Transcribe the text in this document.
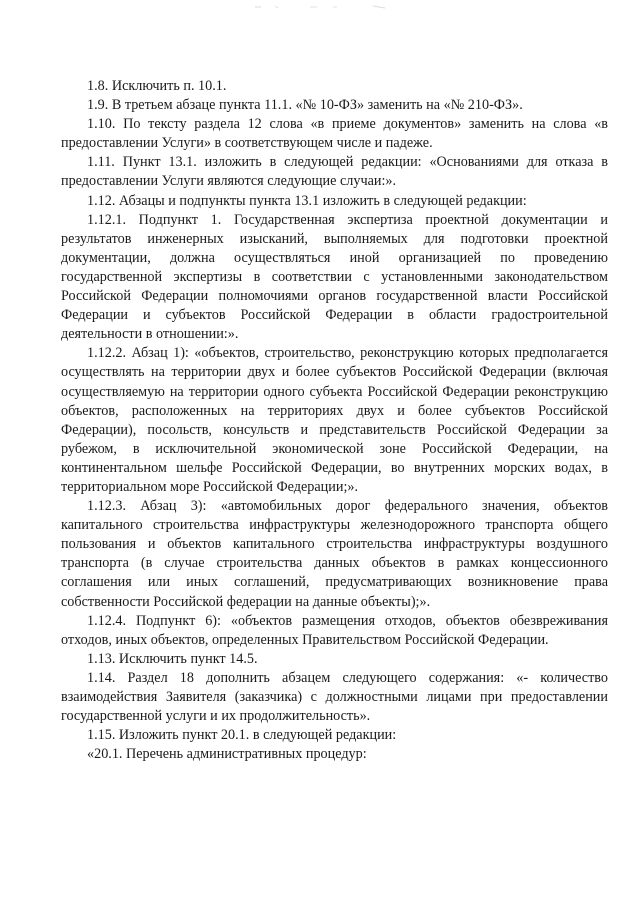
1.8. Исключить п. 10.1.

1.9. В третьем абзаце пункта 11.1. «№ 10-ФЗ» заменить на «№ 210-ФЗ».

1.10. По тексту раздела 12 слова «в приеме документов» заменить на слова «в предоставлении Услуги» в соответствующем числе и падеже.

1.11. Пункт 13.1. изложить в следующей редакции: «Основаниями для отказа в предоставлении Услуги являются следующие случаи:».

1.12. Абзацы и подпункты пункта 13.1 изложить в следующей редакции:

1.12.1. Подпункт 1. Государственная экспертиза проектной документации и результатов инженерных изысканий, выполняемых для подготовки проектной документации, должна осуществляться иной организацией по проведению государственной экспертизы в соответствии с установленными законодательством Российской Федерации полномочиями органов государственной власти Российской Федерации и субъектов Российской Федерации в области градостроительной деятельности в отношении:».

1.12.2. Абзац 1): «объектов, строительство, реконструкцию которых предполагается осуществлять на территории двух и более субъектов Российской Федерации (включая осуществляемую на территории одного субъекта Российской Федерации реконструкцию объектов, расположенных на территориях двух и более субъектов Российской Федерации), посольств, консульств и представительств Российской Федерации за рубежом, в исключительной экономической зоне Российской Федерации, на континентальном шельфе Российской Федерации, во внутренних морских водах, в территориальном море Российской Федерации;».

1.12.3. Абзац 3): «автомобильных дорог федерального значения, объектов капитального строительства инфраструктуры железнодорожного транспорта общего пользования и объектов капитального строительства инфраструктуры воздушного транспорта (в случае строительства данных объектов в рамках концессионного соглашения или иных соглашений, предусматривающих возникновение права собственности Российской федерации на данные объекты);».

1.12.4. Подпункт 6): «объектов размещения отходов, объектов обезвреживания отходов, иных объектов, определенных Правительством Российской Федерации.

1.13. Исключить пункт 14.5.

1.14. Раздел 18 дополнить абзацем следующего содержания: «- количество взаимодействия Заявителя (заказчика) с должностными лицами при предоставлении государственной услуги и их продолжительность».

1.15. Изложить пункт 20.1. в следующей редакции:

«20.1. Перечень административных процедур:
